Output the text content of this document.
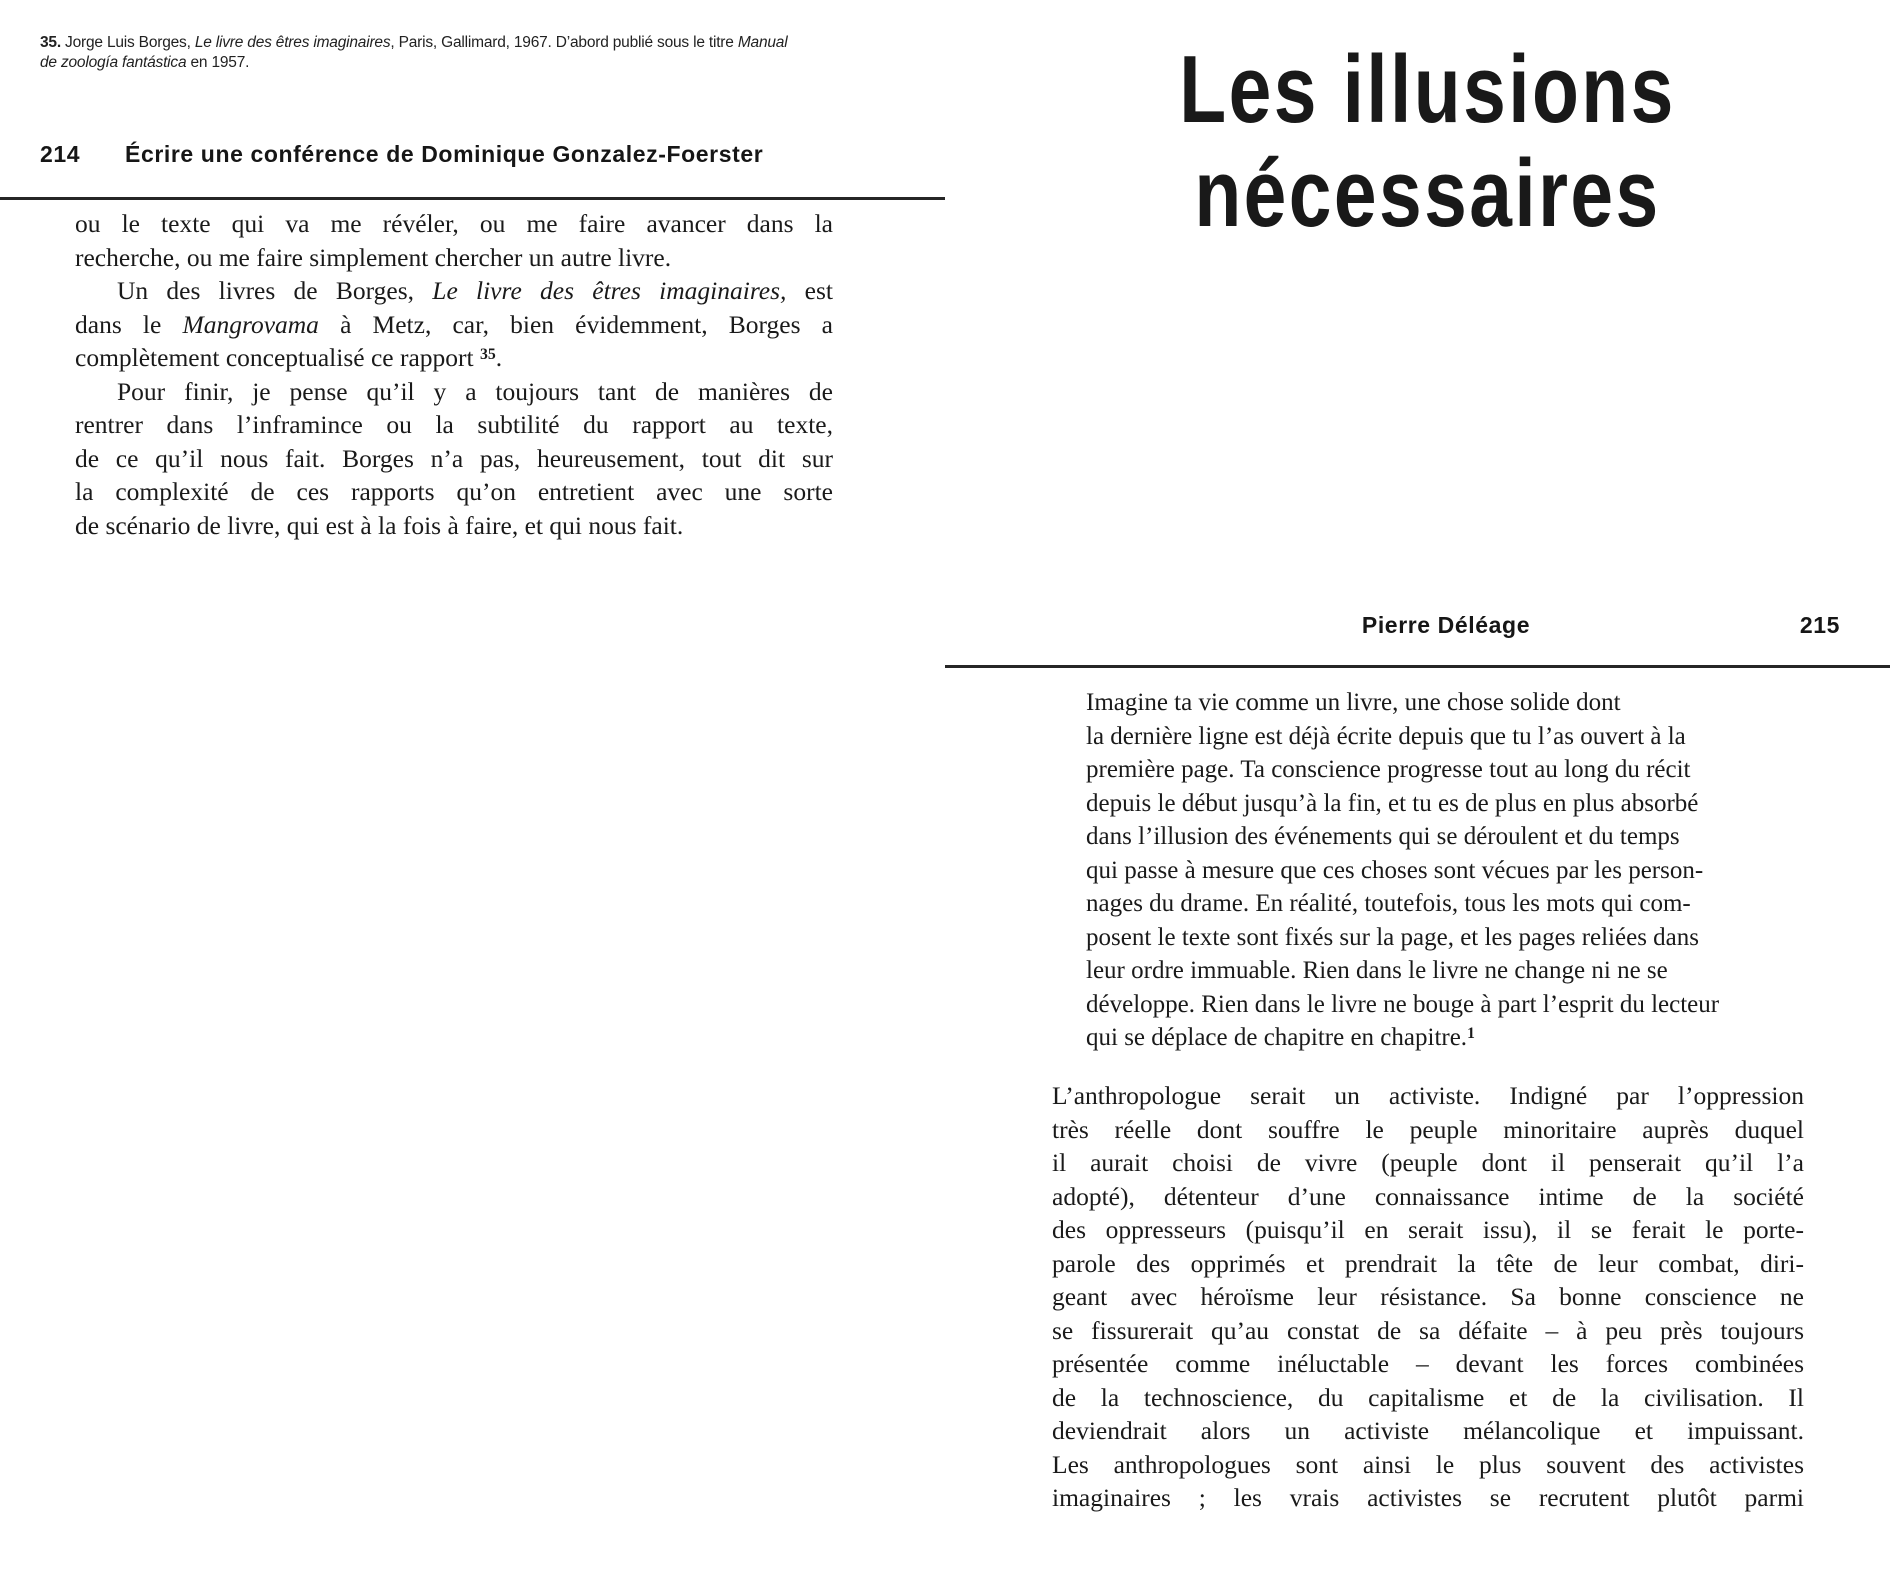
35. Jorge Luis Borges, Le livre des êtres imaginaires, Paris, Gallimard, 1967. D’abord publié sous le titre Manual
de zoología fantástica en 1957.
214	Écrire une conférence de Dominique Gonzalez-Foerster
ou le texte qui va me révéler, ou me faire avancer dans la
recherche, ou me faire simplement chercher un autre livre.
Un des livres de Borges, Le livre des êtres imaginaires, est
dans le Mangrovama à Metz, car, bien évidemment, Borges a
complètement conceptualisé ce rapport $^{35}$.
Pour finir, je pense qu’il y a toujours tant de manières de
rentrer dans l’inframince ou la subtilité du rapport au texte,
de ce qu’il nous fait. Borges n’a pas, heureusement, tout dit sur
la complexité de ces rapports qu’on entretient avec une sorte
de scénario de livre, qui est à la fois à faire, et qui nous fait.
Les illusions
nécessaires
Pierre Déléage	215
Imagine ta vie comme un livre, une chose solide dont
la dernière ligne est déjà écrite depuis que tu l’as ouvert à la
première page. Ta conscience progresse tout au long du récit
depuis le début jusqu’à la fin, et tu es de plus en plus absorbé
dans l’illusion des événements qui se déroulent et du temps
qui passe à mesure que ces choses sont vécues par les person-
nages du drame. En réalité, toutefois, tous les mots qui com-
posent le texte sont fixés sur la page, et les pages reliées dans
leur ordre immuable. Rien dans le livre ne change ni ne se
développe. Rien dans le livre ne bouge à part l’esprit du lecteur
qui se déplace de chapitre en chapitre.$^1$
L’anthropologue serait un activiste. Indigné par l’oppression
très réelle dont souffre le peuple minoritaire auprès duquel
il aurait choisi de vivre (peuple dont il penserait qu’il l’a
adopté), détenteur d’une connaissance intime de la société
des oppresseurs (puisqu’il en serait issu), il se ferait le porte-
parole des opprimés et prendrait la tête de leur combat, diri-
geant avec héroïsme leur résistance. Sa bonne conscience ne
se fissurerait qu’au constat de sa défaite – à peu près toujours
présentée comme inéluctable – devant les forces combinées
de la technoscience, du capitalisme et de la civilisation. Il
deviendrait alors un activiste mélancolique et impuissant.
Les anthropologues sont ainsi le plus souvent des activistes
imaginaires ; les vrais activistes se recrutent plutôt parmi
